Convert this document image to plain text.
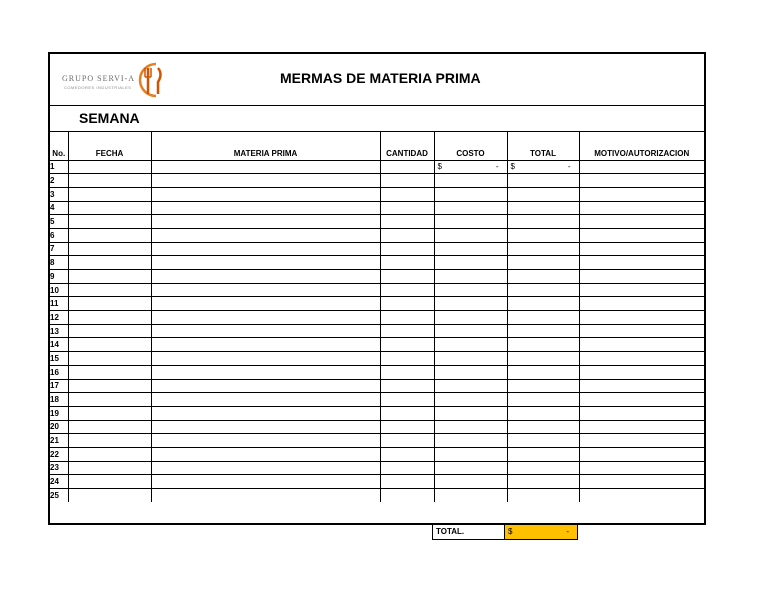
GRUPO SERVI-A
COMEDORES INDUSTRIALES
MERMAS DE MATERIA PRIMA
SEMANA
No.	FECHA	MATERIA PRIMA	CANTIDAD	COSTO	TOTAL	MOTIVO/AUTORIZACION
1				$ -	$ -	

2						
3						
4						
5						
6						
7						
8						
9						
10						
11						
12						
13						
14						
15						
16						
17						
18						
19						
20						
21						
22						
23						
24						
25						
TOTAL.	$	-
